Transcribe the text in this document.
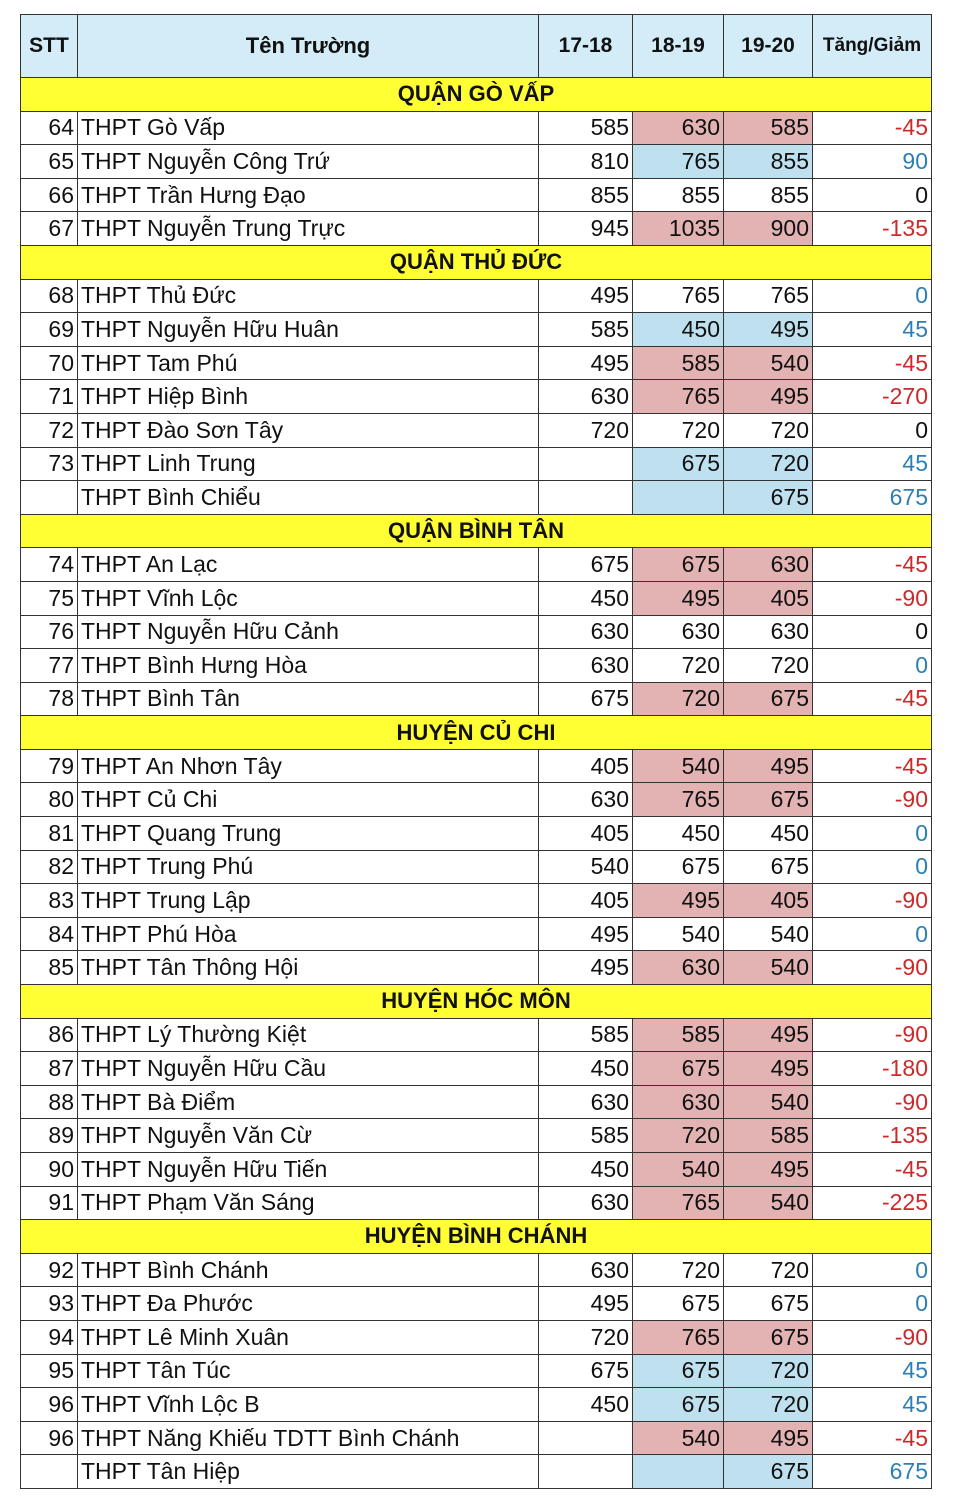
STT	Tên Trường	17-18	18-19	19-20	Tăng/Giảm
QUẬN GÒ VẤP					
64	THPT Gò Vấp	585	630	585	-45
65	THPT Nguyễn Công Trứ	810	765	855	90
66	THPT Trần Hưng Đạo	855	855	855	0
67	THPT Nguyễn Trung Trực	945	1035	900	-135
QUẬN THỦ ĐỨC					
68	THPT Thủ Đức	495	765	765	0
69	THPT Nguyễn Hữu Huân	585	450	495	45
70	THPT Tam Phú	495	585	540	-45
71	THPT Hiệp Bình	630	765	495	-270
72	THPT Đào Sơn Tây	720	720	720	0
73	THPT Linh Trung		675	720	45
	THPT Bình Chiểu			675	675
QUẬN BÌNH TÂN					
74	THPT An Lạc	675	675	630	-45
75	THPT Vĩnh Lộc	450	495	405	-90
76	THPT Nguyễn Hữu Cảnh	630	630	630	0
77	THPT Bình Hưng Hòa	630	720	720	0
78	THPT Bình Tân	675	720	675	-45
HUYỆN CỦ CHI					
79	THPT An Nhơn Tây	405	540	495	-45
80	THPT Củ Chi	630	765	675	-90
81	THPT Quang Trung	405	450	450	0
82	THPT Trung Phú	540	675	675	0
83	THPT Trung Lập	405	495	405	-90
84	THPT Phú Hòa	495	540	540	0
85	THPT Tân Thông Hội	495	630	540	-90
HUYỆN HÓC MÔN					
86	THPT Lý Thường Kiệt	585	585	495	-90
87	THPT Nguyễn Hữu Cầu	450	675	495	-180
88	THPT Bà Điểm	630	630	540	-90
89	THPT Nguyễn Văn Cừ	585	720	585	-135
90	THPT Nguyễn Hữu Tiến	450	540	495	-45
91	THPT Phạm Văn Sáng	630	765	540	-225
HUYỆN BÌNH CHÁNH					
92	THPT Bình Chánh	630	720	720	0
93	THPT Đa Phước	495	675	675	0
94	THPT Lê Minh Xuân	720	765	675	-90
95	THPT Tân Túc	675	675	720	45
96	THPT Vĩnh Lộc B	450	675	720	45
96	THPT Năng Khiếu TDTT Bình Chánh		540	495	-45
	THPT Tân Hiệp			675	675
